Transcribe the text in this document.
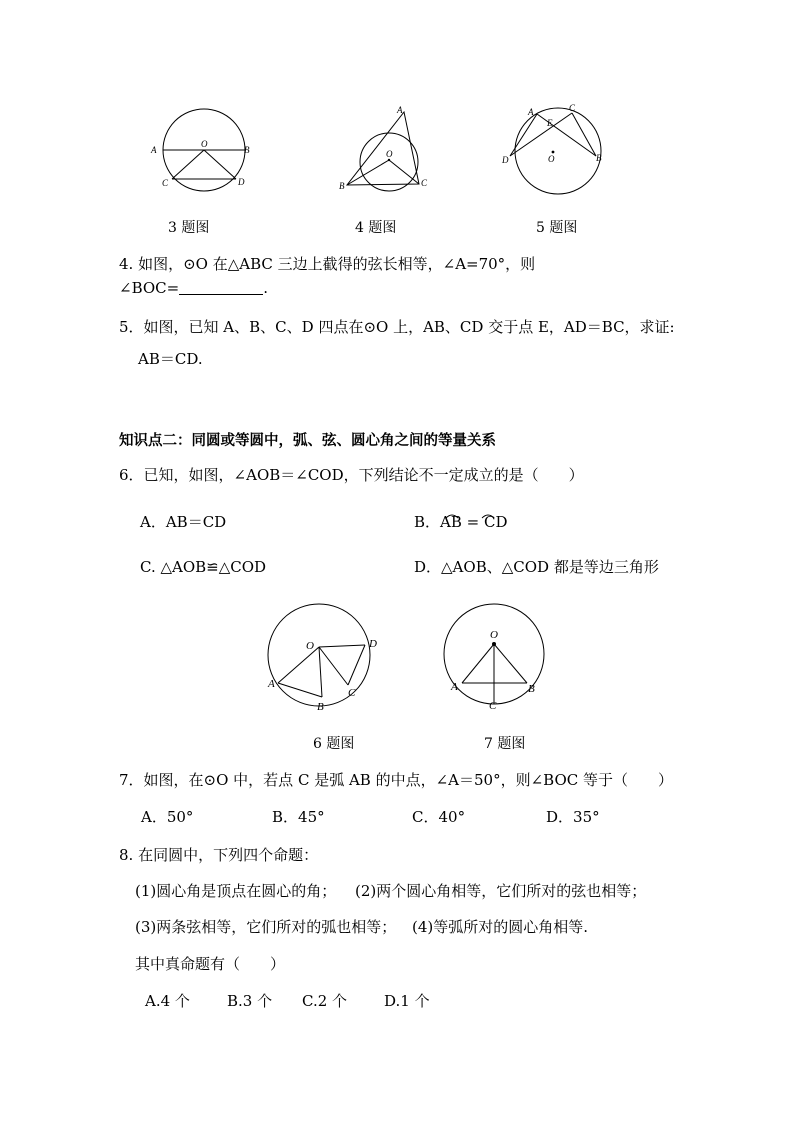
A	B
C	D
O
A
B	C
O
A	C
E
D	B
O
3 题图	4 题图	5 题图
4. 如图，⊙O 在△ABC 三边上截得的弦长相等，∠A=70°，则
∠BOC=	.
5．如图，已知 A、B、C、D 四点在⊙O 上，AB、CD 交于点 E，AD＝BC，求证:
AB＝CD.
知识点二：同圆或等圆中，弧、弦、圆心角之间的等量关系
6．已知，如图，∠AOB＝∠COD，下列结论不一定成立的是（　　）
A．AB＝CD	B．AB = CD
C. △AOB≌△COD	D．△AOB、△COD 都是等边三角形
O	D
A
B
C
O
A	B
C
6 题图	7 题图
7．如图，在⊙O 中，若点 C 是弧 AB 的中点，∠A＝50°，则∠BOC 等于（　　）
A．50°	B．45°	C．40°	D．35°
8. 在同圆中，下列四个命题：
(1)圆心角是顶点在圆心的角； (2)两个圆心角相等，它们所对的弦也相等；
(3)两条弦相等，它们所对的弧也相等； (4)等弧所对的圆心角相等.
其中真命题有（　　）
A.4 个 B.3 个 C.2 个 D.1 个
